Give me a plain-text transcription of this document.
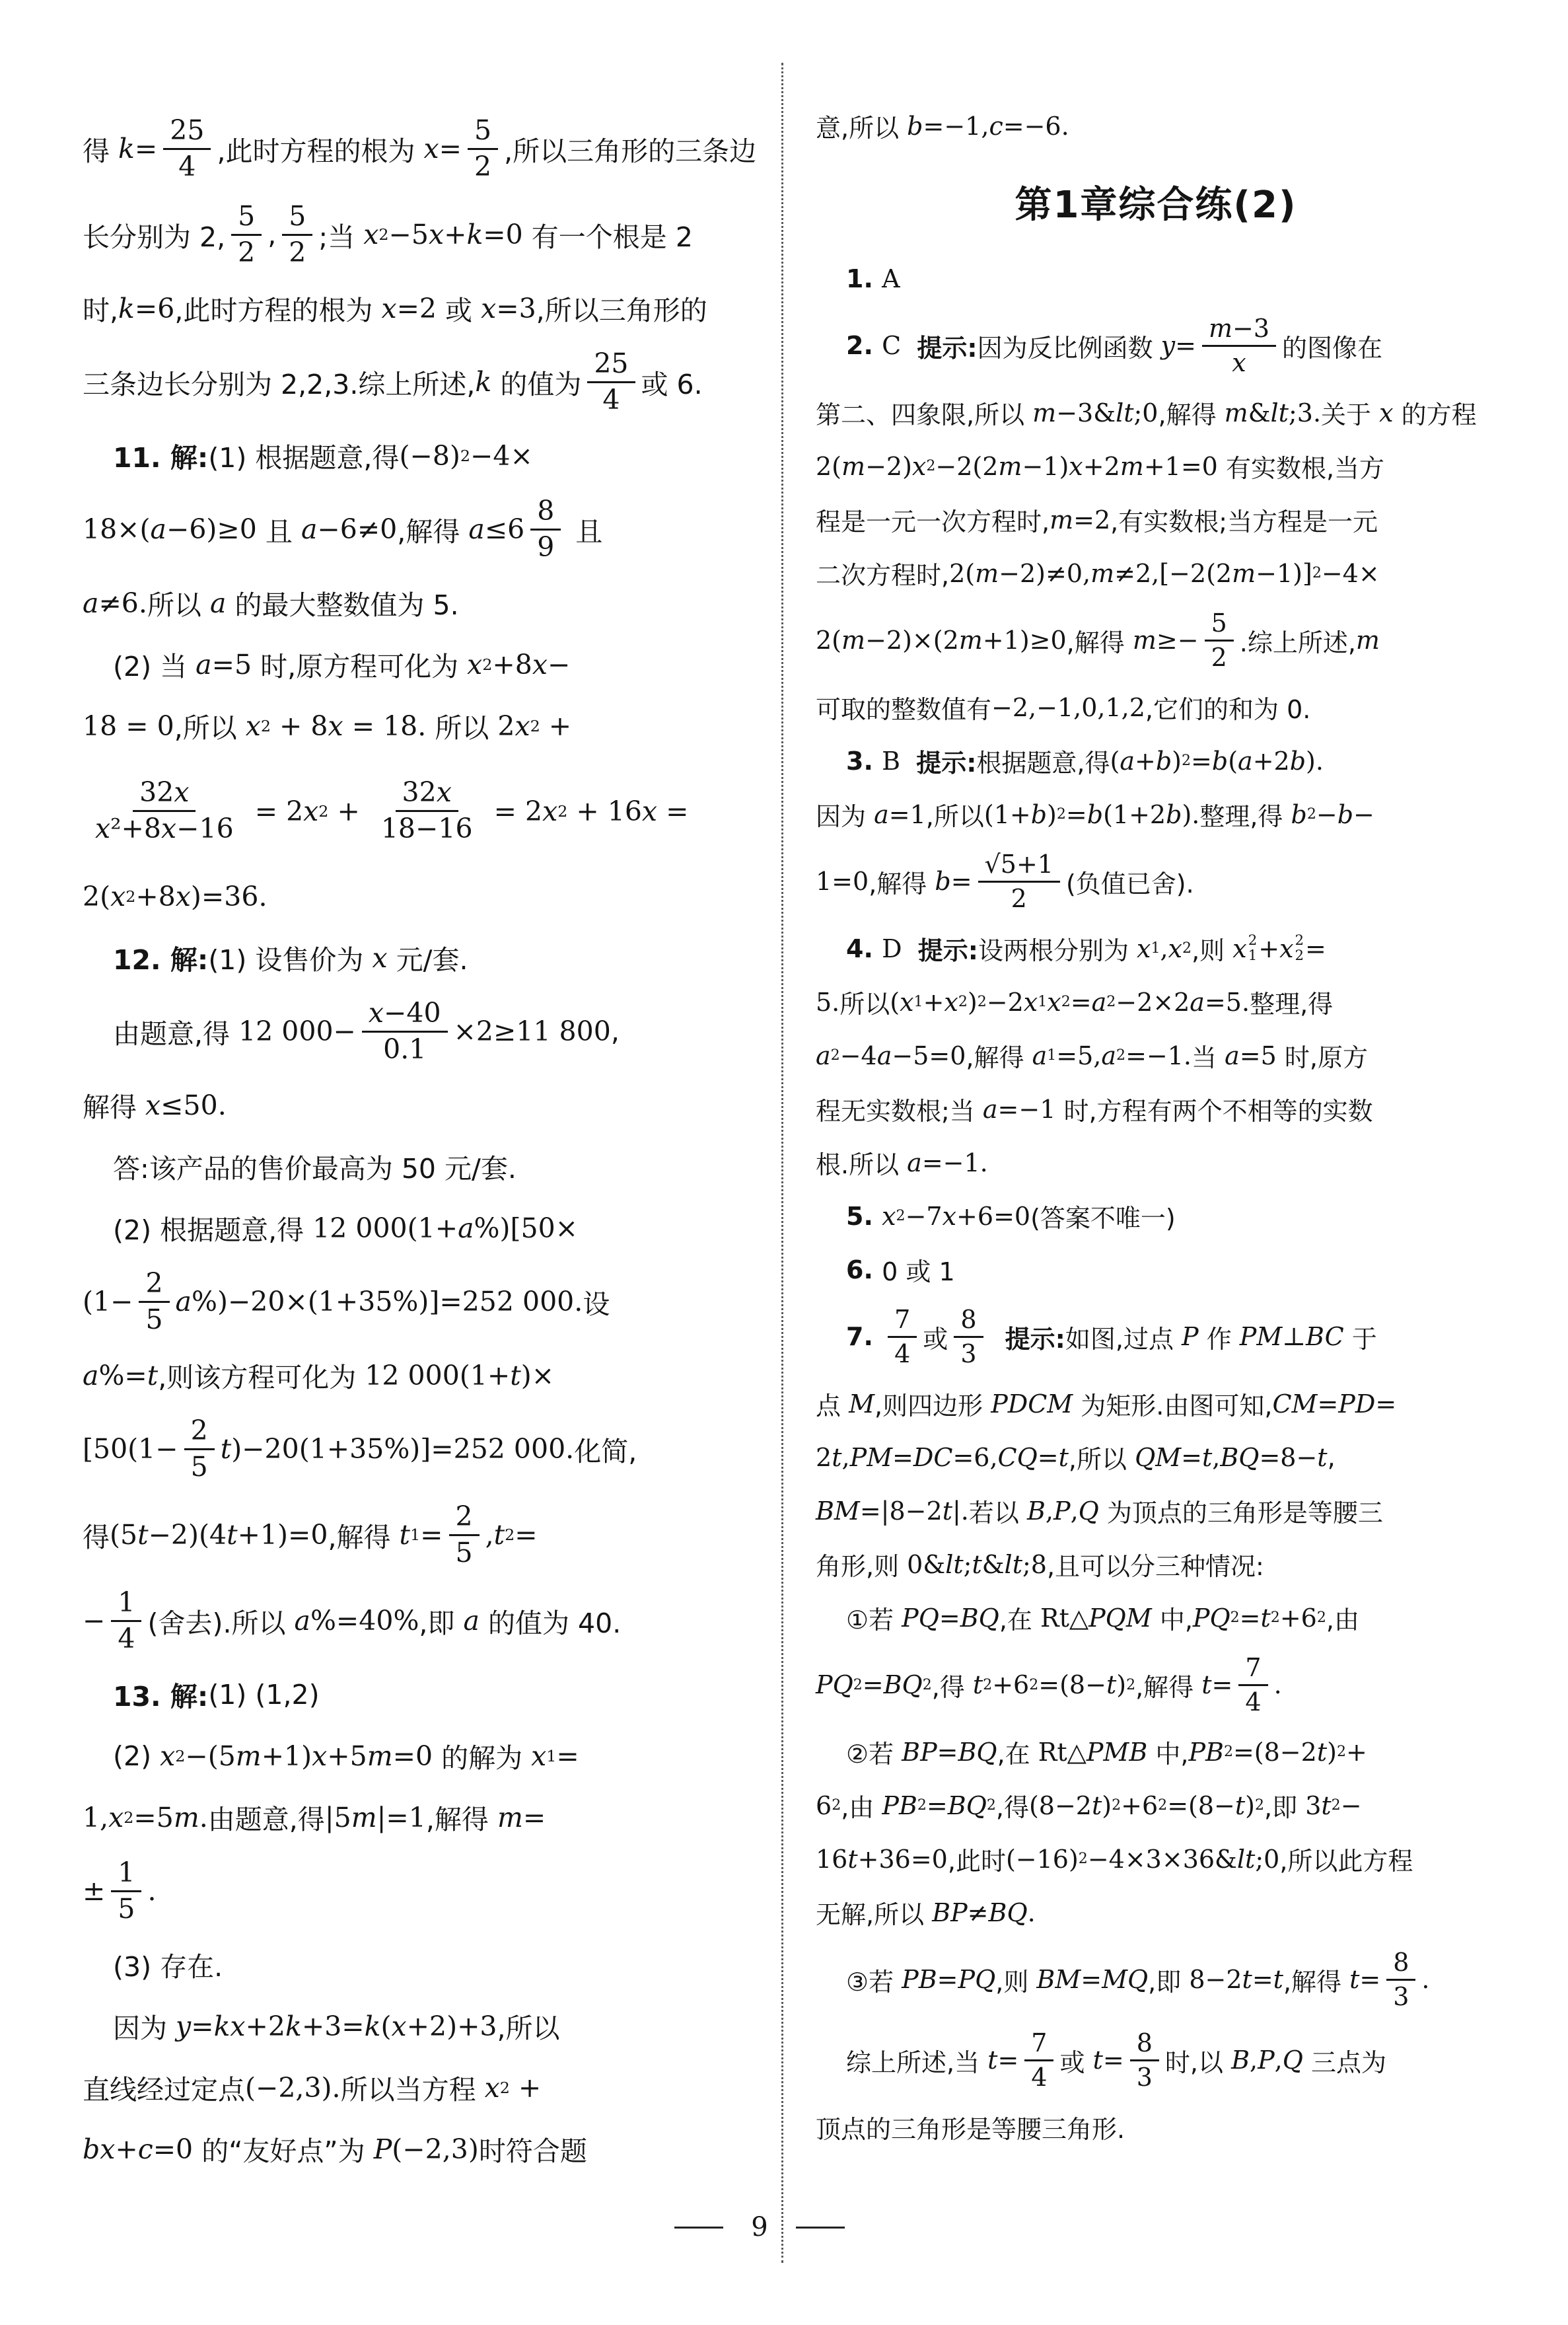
得 $k= \frac{25}{4}$ ,此时方程的根为 $x= \frac{5}{2}$ ,所以三角形的三条边
长分别为 2, $\frac{5}{2}$ , $\frac{5}{2}$ ;当 x 2 −5x+k=0 有一个根是 2
时, k=6 ,此时方程的根为 x=2 或 x=3 ,所以三角形的
三条边长分别为 2,2,3.综上所述, k 的值为 $\frac{25}{4}$ 或 6.
11. 解: (1) 根据题意,得 (−8) 2 −4×
18×(a−6)≥0 且 a−6≠0 ,解得 $a\le 6 \frac{8}{9}$ 且
a≠6. 所以 a 的最大整数值为 5.
(2) 当 a=5 时,原方程可化为 x 2 +8x−
18 = 0 ,所以 x 2 + 8x = 18. 所以 2x 2 +
$\frac{32x}{\text{x²+8x−16}} = 2x$ $2 + \frac{32x}{18-16} = 2x$ 2 + 16x =
2(x 2 +8x)=36.
12. 解: (1) 设售价为 x 元/套.
由题意,得 12 $000- \frac{x-40}{0.1} \times 2\ge 11$ 800 ,
解得 x≤50.
答:该产品的售价最高为 50 元/套.
(2) 根据题意,得 12 000(1+a%)[50×
$(1- \frac{2}{5} a\%)-20\times(1+35\%)]=252$ 000. 设
a%=t ,则该方程可化为 12 000(1+t)×
$[50(1- \frac{2}{5} t)-20(1+35\%)]=252$ 000. 化简,
得 (5t−2)(4t+1)=0 ,解得 t $1 = \frac{2}{5} ,t$ 2 =
− $\frac{1}{4}$ (舍去).所以 a%=40% ,即 a 的值为 40.
13. 解: (1) (1,2)
(2) x 2 −(5m+1)x+5m=0 的解为 x 1 =
1,x 2 =5m. 由题意,得 |5m|=1 ,解得 m=
± $\frac{1}{5}$ .
(3) 存在.
因为 y=kx+2k+3=k(x+2)+3 ,所以
直线经过定点 (−2,3). 所以当方程 x 2 +
bx+c=0 的“友好点”为 P(−2,3) 时符合题
意,所以 b=−1,c=−6.
第1章综合练(2)
1. A
2. C
提示: 因为反比例函数 $y= \frac{m-3}{x}$ 的图像在
第二、四象限,所以 m−3&lt;0 ,解得 m&lt;3. 关于 x 的方程
2(m−2)x 2 −2(2m−1)x+2m+1=0 有实数根,当方
程是一元一次方程时, m=2 ,有实数根;当方程是一元
二次方程时, 2(m−2)≠0,m≠2,[−2(2m−1)] 2 −4×
2(m−2)×(2m+1)≥0 ,解得 $m\ge- \frac{5}{2}$ .综上所述, m
可取的整数值有 −2,−1,0,1,2 ,它们的和为 0.
3. B
提示: 根据题意,得 (a+b) 2 =b(a+2b).
因为 a=1 ,所以 (1+b) 2 =b(1+2b). 整理,得 b 2 −b−
1=0 ,解得 $b= \frac{√5+1}{2}$ (负值已舍).
4. D
提示: 设两根分别为 x 1 ,x 2 ,则 x 2
1 +x 2
2 =
5. 所以 (x 1 +x 2 ) 2 −2x 1 x 2 =a 2 −2×2a=5. 整理,得
a 2 −4a−5=0 ,解得 a 1 =5,a 2 =−1. 当 a=5 时,原方
程无实数根;当 a=−1 时,方程有两个不相等的实数
根.所以 a=−1.
5. x 2 −7x+6=0 (答案不唯一)
6. 0 或 1
7. $\frac{7}{4}$ 或 $\frac{8}{3}$
提示: 如图,过点 P 作 PM⊥BC 于
点 M ,则四边形 PDCM 为矩形.由图可知, CM=PD=
2t,PM=DC=6,CQ=t ,所以 QM=t,BQ=8−t ,
BM=|8−2t|. 若以 B,P,Q 为顶点的三角形是等腰三
角形,则 0&lt;t&lt;8 ,且可以分三种情况:
①若 PQ=BQ ,在 Rt△ PQM 中, PQ 2 =t 2 +6 2 ,由
PQ 2 =BQ 2 ,得 t 2 +6 2 =(8−t) 2 ,解得 $t= \frac{7}{4}$ .
②若 BP=BQ ,在 Rt△ PMB 中, PB 2 =(8−2t) 2 +
6 2 ,由 PB 2 =BQ 2 ,得 (8−2t) 2 +6 2 =(8−t) 2 ,即 3t 2 −
16t+36=0 ,此时 (−16) 2 −4×3×36&lt;0 ,所以此方程
无解,所以 BP≠BQ.
③若 PB=PQ ,则 BM=MQ ,即 8−2t=t ,解得 $t= \frac{8}{3}$ .
综上所述,当 $t= \frac{7}{4}$ 或 $t= \frac{8}{3}$ 时,以 B,P,Q 三点为
顶点的三角形是等腰三角形.
9
